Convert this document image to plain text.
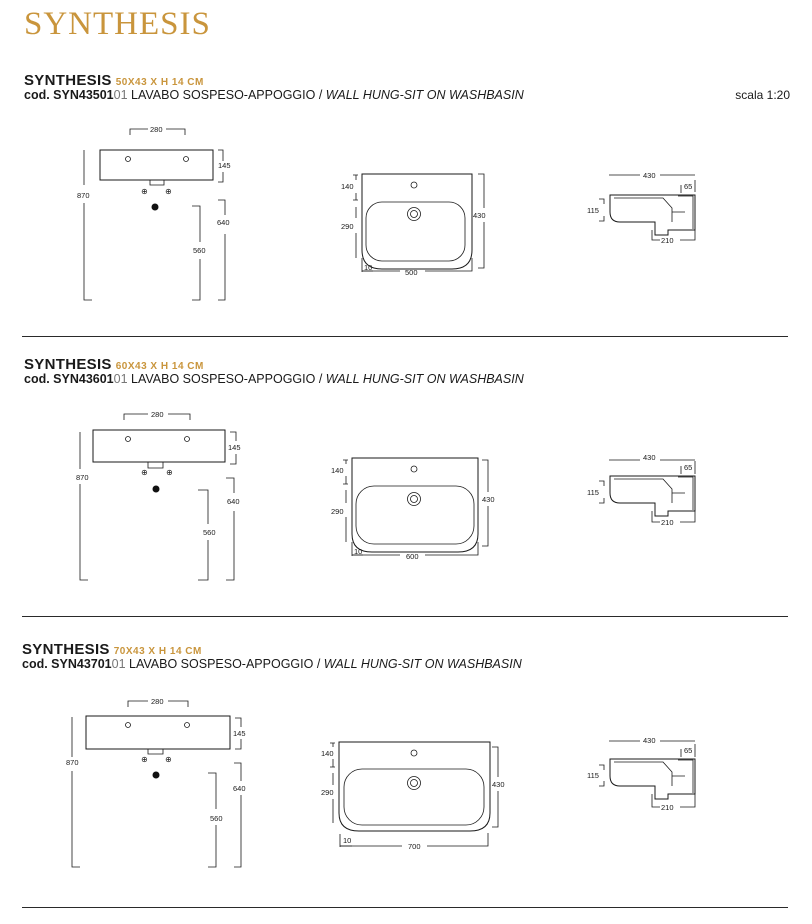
SYNTHESIS
SYNTHESIS 50X43 X H 14 CM
cod. SYN4350101 LAVABO SOSPESO-APPOGGIO / WALL HUNG-SIT ON WASHBASIN	scala 1:20
280
145
⊕ ⊕
870
640
560
140
290
430
10
500
430
65
115
210
SYNTHESIS 60X43 X H 14 CM
cod. SYN4360101 LAVABO SOSPESO-APPOGGIO / WALL HUNG-SIT ON WASHBASIN
280
145
⊕ ⊕
870
640
560
140
290
430
10
600
430
65
115
210
SYNTHESIS 70X43 X H 14 CM
cod. SYN4370101 LAVABO SOSPESO-APPOGGIO / WALL HUNG-SIT ON WASHBASIN
280
145
⊕ ⊕
870
640
560
140
290
430
10
700
430
65
115
210
